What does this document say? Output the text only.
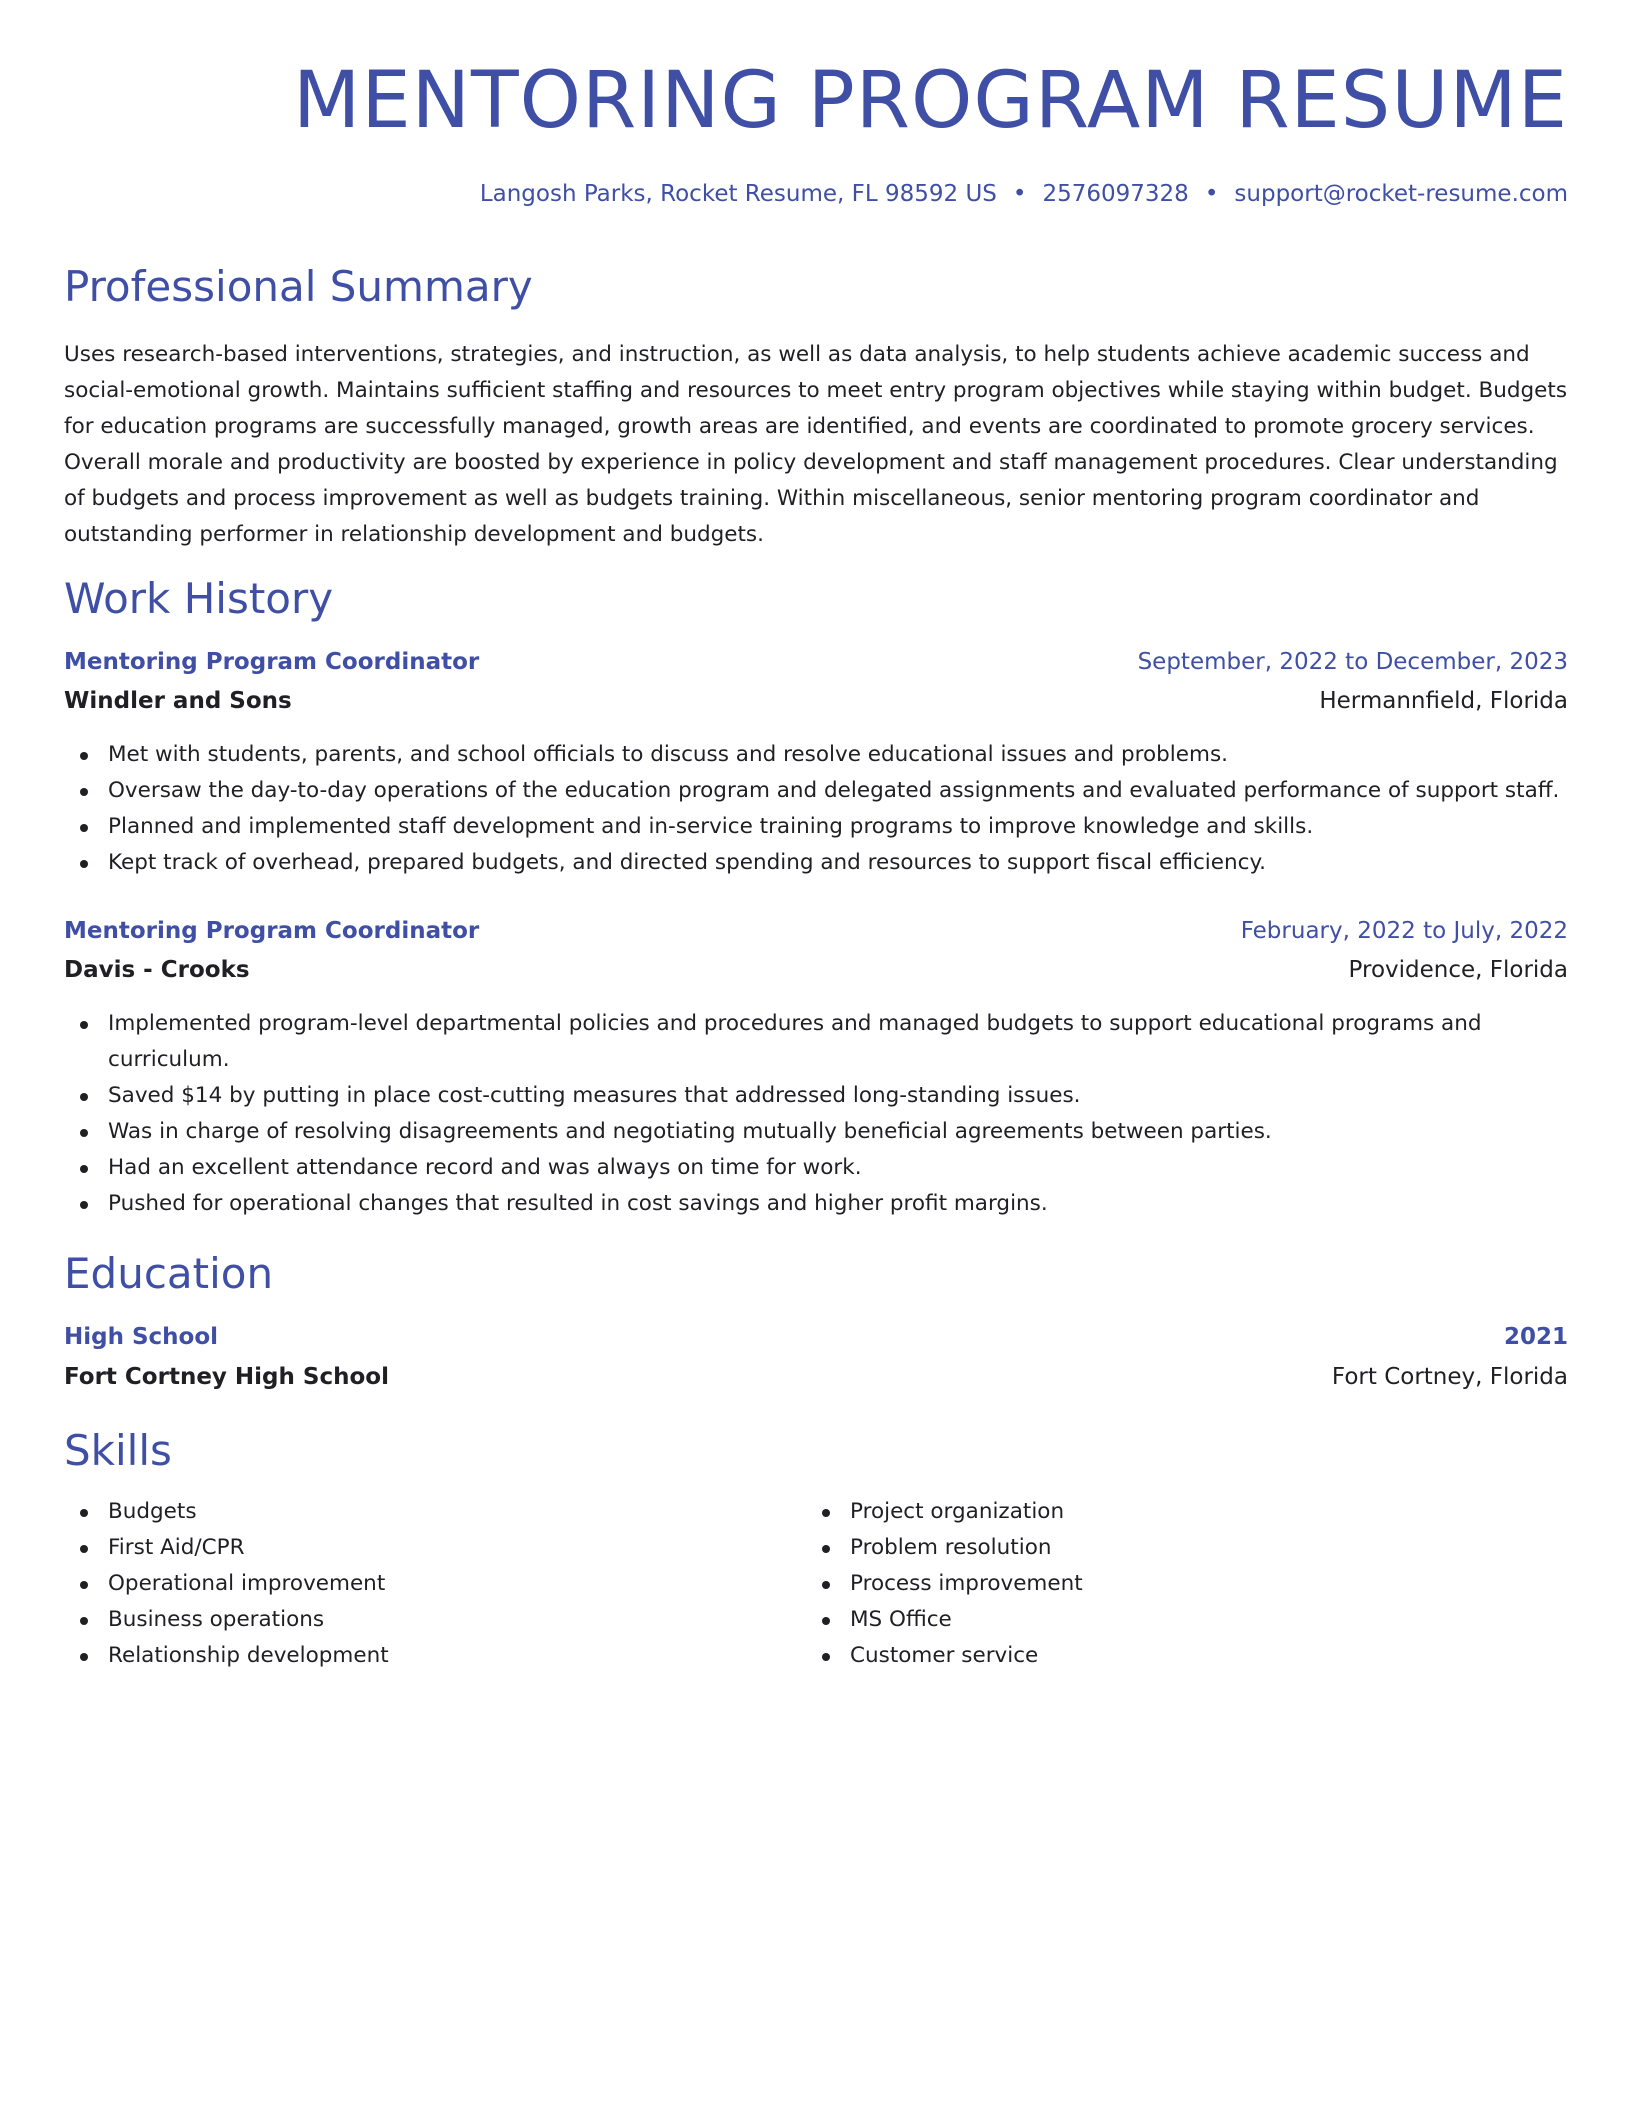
MENTORING PROGRAM RESUME
Langosh Parks, Rocket Resume, FL 98592 US • 2576097328 • support@rocket-resume.com
Professional Summary

Uses research-based interventions, strategies, and instruction, as well as data analysis, to help students achieve academic success and social-emotional growth. Maintains sufficient staffing and resources to meet entry program objectives while staying within budget. Budgets for education programs are successfully managed, growth areas are identified, and events are coordinated to promote grocery services. Overall morale and productivity are boosted by experience in policy development and staff management procedures. Clear understanding of budgets and process improvement as well as budgets training. Within miscellaneous, senior mentoring program coordinator and outstanding performer in relationship development and budgets.

Work History
Mentoring Program Coordinator	September, 2022 to December, 2023
Windler and Sons	Hermannfield, Florida
Met with students, parents, and school officials to discuss and resolve educational issues and problems.
Oversaw the day-to-day operations of the education program and delegated assignments and evaluated performance of support staff.
Planned and implemented staff development and in-service training programs to improve knowledge and skills.
Kept track of overhead, prepared budgets, and directed spending and resources to support fiscal efficiency.
Mentoring Program Coordinator	February, 2022 to July, 2022
Davis - Crooks	Providence, Florida
Implemented program-level departmental policies and procedures and managed budgets to support educational programs and curriculum.
Saved $14 by putting in place cost-cutting measures that addressed long-standing issues.
Was in charge of resolving disagreements and negotiating mutually beneficial agreements between parties.
Had an excellent attendance record and was always on time for work.
Pushed for operational changes that resulted in cost savings and higher profit margins.
Education
High School	2021
Fort Cortney High School	Fort Cortney, Florida
Skills
Budgets
First Aid/CPR
Operational improvement
Business operations
Relationship development
Project organization
Problem resolution
Process improvement
MS Office
Customer service
